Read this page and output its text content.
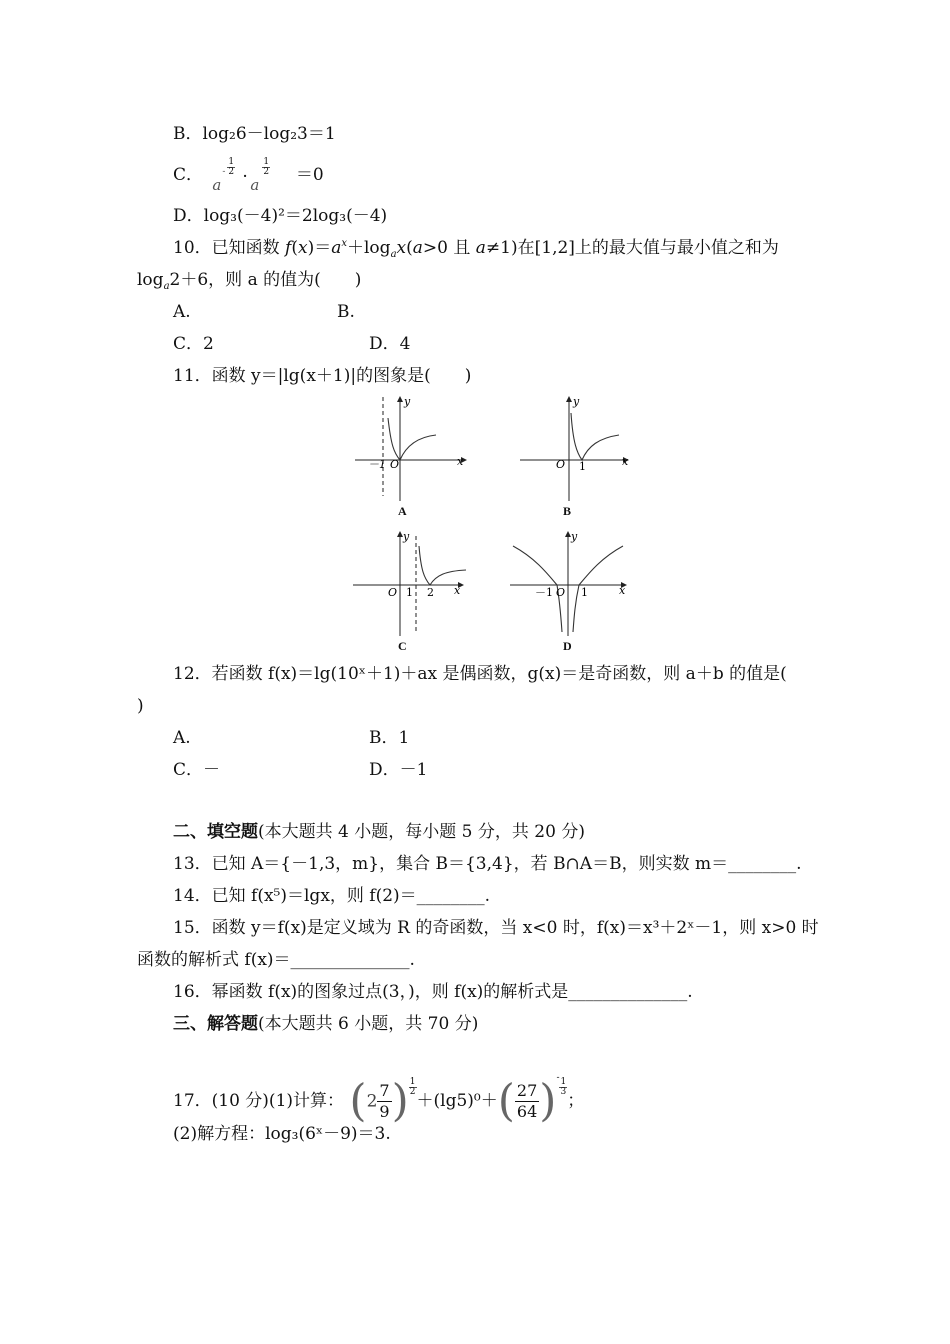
B．log₂6－log₂3＝1
C． a
-
1
2 · a
1
2 ＝0
D．log₃(－4)²＝2log₃(－4)
10．已知函数 $f(x)=a^x+\log_ax(a>0$ 且 a≠1)在[1,2]上的最大值与最小值之和为
$\log_a2+6$，则 a 的值为(　　)
A.	B.
C．2	D．4
11．函数 y＝|lg(x＋1)|的图象是(　　)
－1 O	x
y
A
O 1	x
y
B
O 1 2 x
y
C
－1 O 1	x
y
D
12．若函数 f(x)＝lg(10ˣ＋1)＋ax 是偶函数，g(x)＝是奇函数，则 a＋b 的值是(
)
A.	B．1
C．－	D．－1
二、填空题(本大题共 4 小题，每小题 5 分，共 20 分)
13．已知 A＝{－1,3，m}，集合 B＝{3,4}，若 B∩A＝B，则实数 m＝________.
14．已知 f(x⁵)＝lgx，则 f(2)＝________.
15．函数 y＝f(x)是定义域为 R 的奇函数，当 x<0 时，f(x)＝x³＋2ˣ－1，则 x>0 时
函数的解析式 f(x)＝______________.
16．幂函数 f(x)的图象过点(3，)，则 f(x)的解析式是______________.
三、解答题(本大题共 6 小题，共 70 分)
17．(10 分)(1)计算： ($2 \frac{7}{9}$ ) $\frac{1}{2}$
$+(\lg 5)^0+( \frac{27}{64} )^- \frac{1}{3}$
；
(2)解方程：log₃(6ˣ－9)＝3.
